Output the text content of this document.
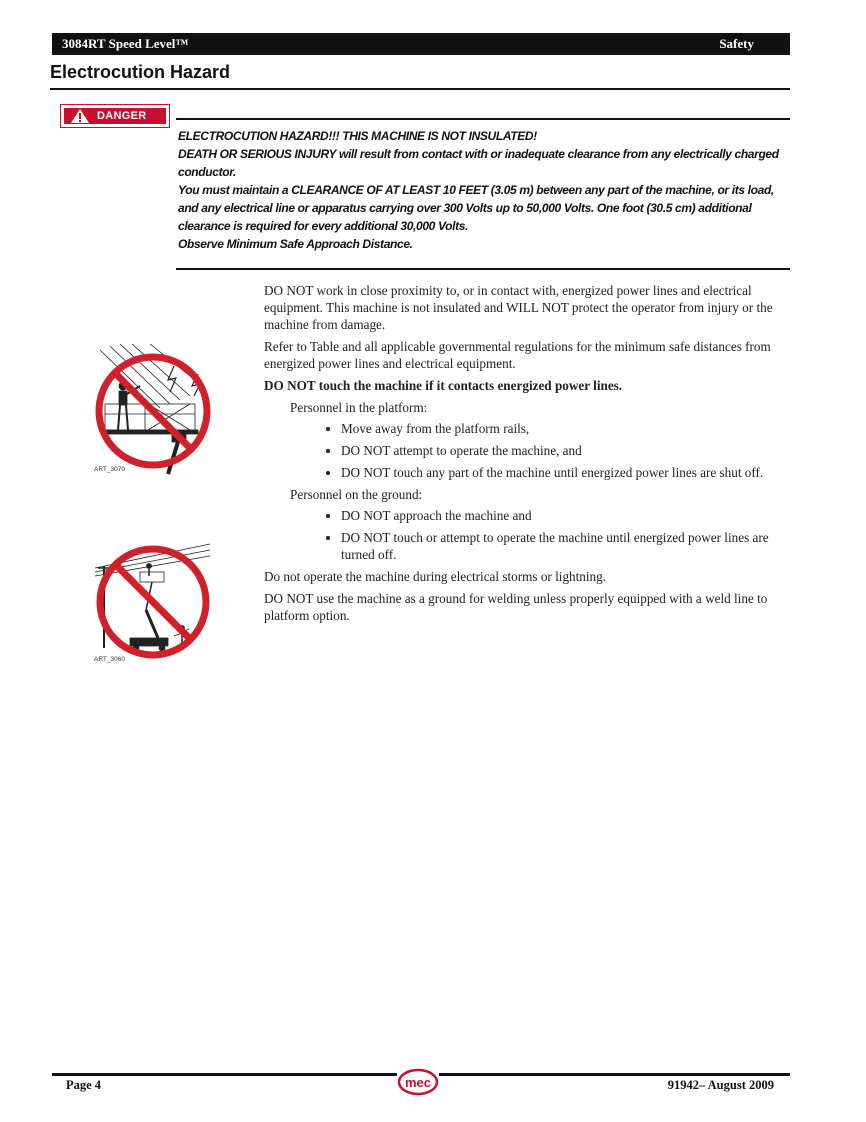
3084RT Speed Level™	Safety
Electrocution Hazard
DANGER

ELECTROCUTION HAZARD!!! THIS MACHINE IS NOT INSULATED!

DEATH OR SERIOUS INJURY will result from contact with or inadequate clearance from any electrically charged conductor.

You must maintain a CLEARANCE OF AT LEAST 10 FEET (3.05 m) between any part of the machine, or its load, and any electrical line or apparatus carrying over 300 Volts up to 50,000 Volts. One foot (30.5 cm) additional clearance is required for every additional 30,000 Volts.

Observe Minimum Safe Approach Distance.

ART_3070
ART_3060

DO NOT work in close proximity to, or in contact with, energized power lines and electrical equipment. This machine is not insulated and WILL NOT protect the operator from injury or the machine from damage.

Refer to Table and all applicable governmental regulations for the minimum safe distances from energized power lines and electrical equipment.

DO NOT touch the machine if it contacts energized power lines.

Personnel in the platform:

• Move away from the platform rails,
• DO NOT attempt to operate the machine, and
• DO NOT touch any part of the machine until energized power lines are shut off.

Personnel on the ground:

• DO NOT approach the machine and
• DO NOT touch or attempt to operate the machine until energized power lines are turned off.

Do not operate the machine during electrical storms or lightning.

DO NOT use the machine as a ground for welding unless properly equipped with a weld line to platform option.

mec
Page 4	91942– August 2009
